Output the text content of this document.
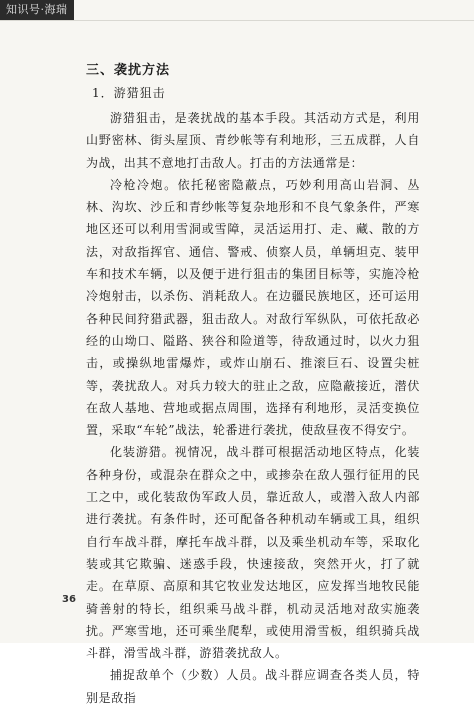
知识号·海瑞
三、袭扰方法
1．游猎狙击

游猎狙击，是袭扰战的基本手段。其活动方式是，利用山野密林、街头屋顶、青纱帐等有利地形，三五成群，人自为战，出其不意地打击敌人。打击的方法通常是：

冷枪冷炮。依托秘密隐蔽点，巧妙利用高山岩洞、丛林、沟坎、沙丘和青纱帐等复杂地形和不良气象条件，严寒地区还可以利用雪洞或雪障，灵活运用打、走、藏、散的方法，对敌指挥官、通信、警戒、侦察人员，单辆坦克、装甲车和技术车辆，以及便于进行狙击的集团目标等，实施冷枪冷炮射击，以杀伤、消耗敌人。在边疆民族地区，还可运用各种民间狩猎武器，狙击敌人。对敌行军纵队，可依托敌必经的山坳口、隘路、狭谷和险道等，待敌通过时，以火力狙击，或操纵地雷爆炸，或炸山崩石、推滚巨石、设置尖桩等，袭扰敌人。对兵力较大的驻止之敌，应隐蔽接近，潜伏在敌人基地、营地或据点周围，选择有利地形，灵活变换位置，采取“车轮”战法，轮番进行袭扰，使敌昼夜不得安宁。

化装游猎。视情况，战斗群可根据活动地区特点，化装各种身份，或混杂在群众之中，或掺杂在敌人强行征用的民工之中，或化装敌伪军政人员，靠近敌人，或潜入敌人内部进行袭扰。有条件时，还可配备各种机动车辆或工具，组织自行车战斗群，摩托车战斗群，以及乘坐机动车等，采取化装或其它欺骗、迷惑手段，快速接敌，突然开火，打了就走。在草原、高原和其它牧业发达地区，应发挥当地牧民能骑善射的特长，组织乘马战斗群，机动灵活地对敌实施袭扰。严寒雪地，还可乘坐爬犁，或使用滑雪板，组织骑兵战斗群，滑雪战斗群，游猎袭扰敌人。

捕捉敌单个（少数）人员。战斗群应调查各类人员，特别是敌指

36
